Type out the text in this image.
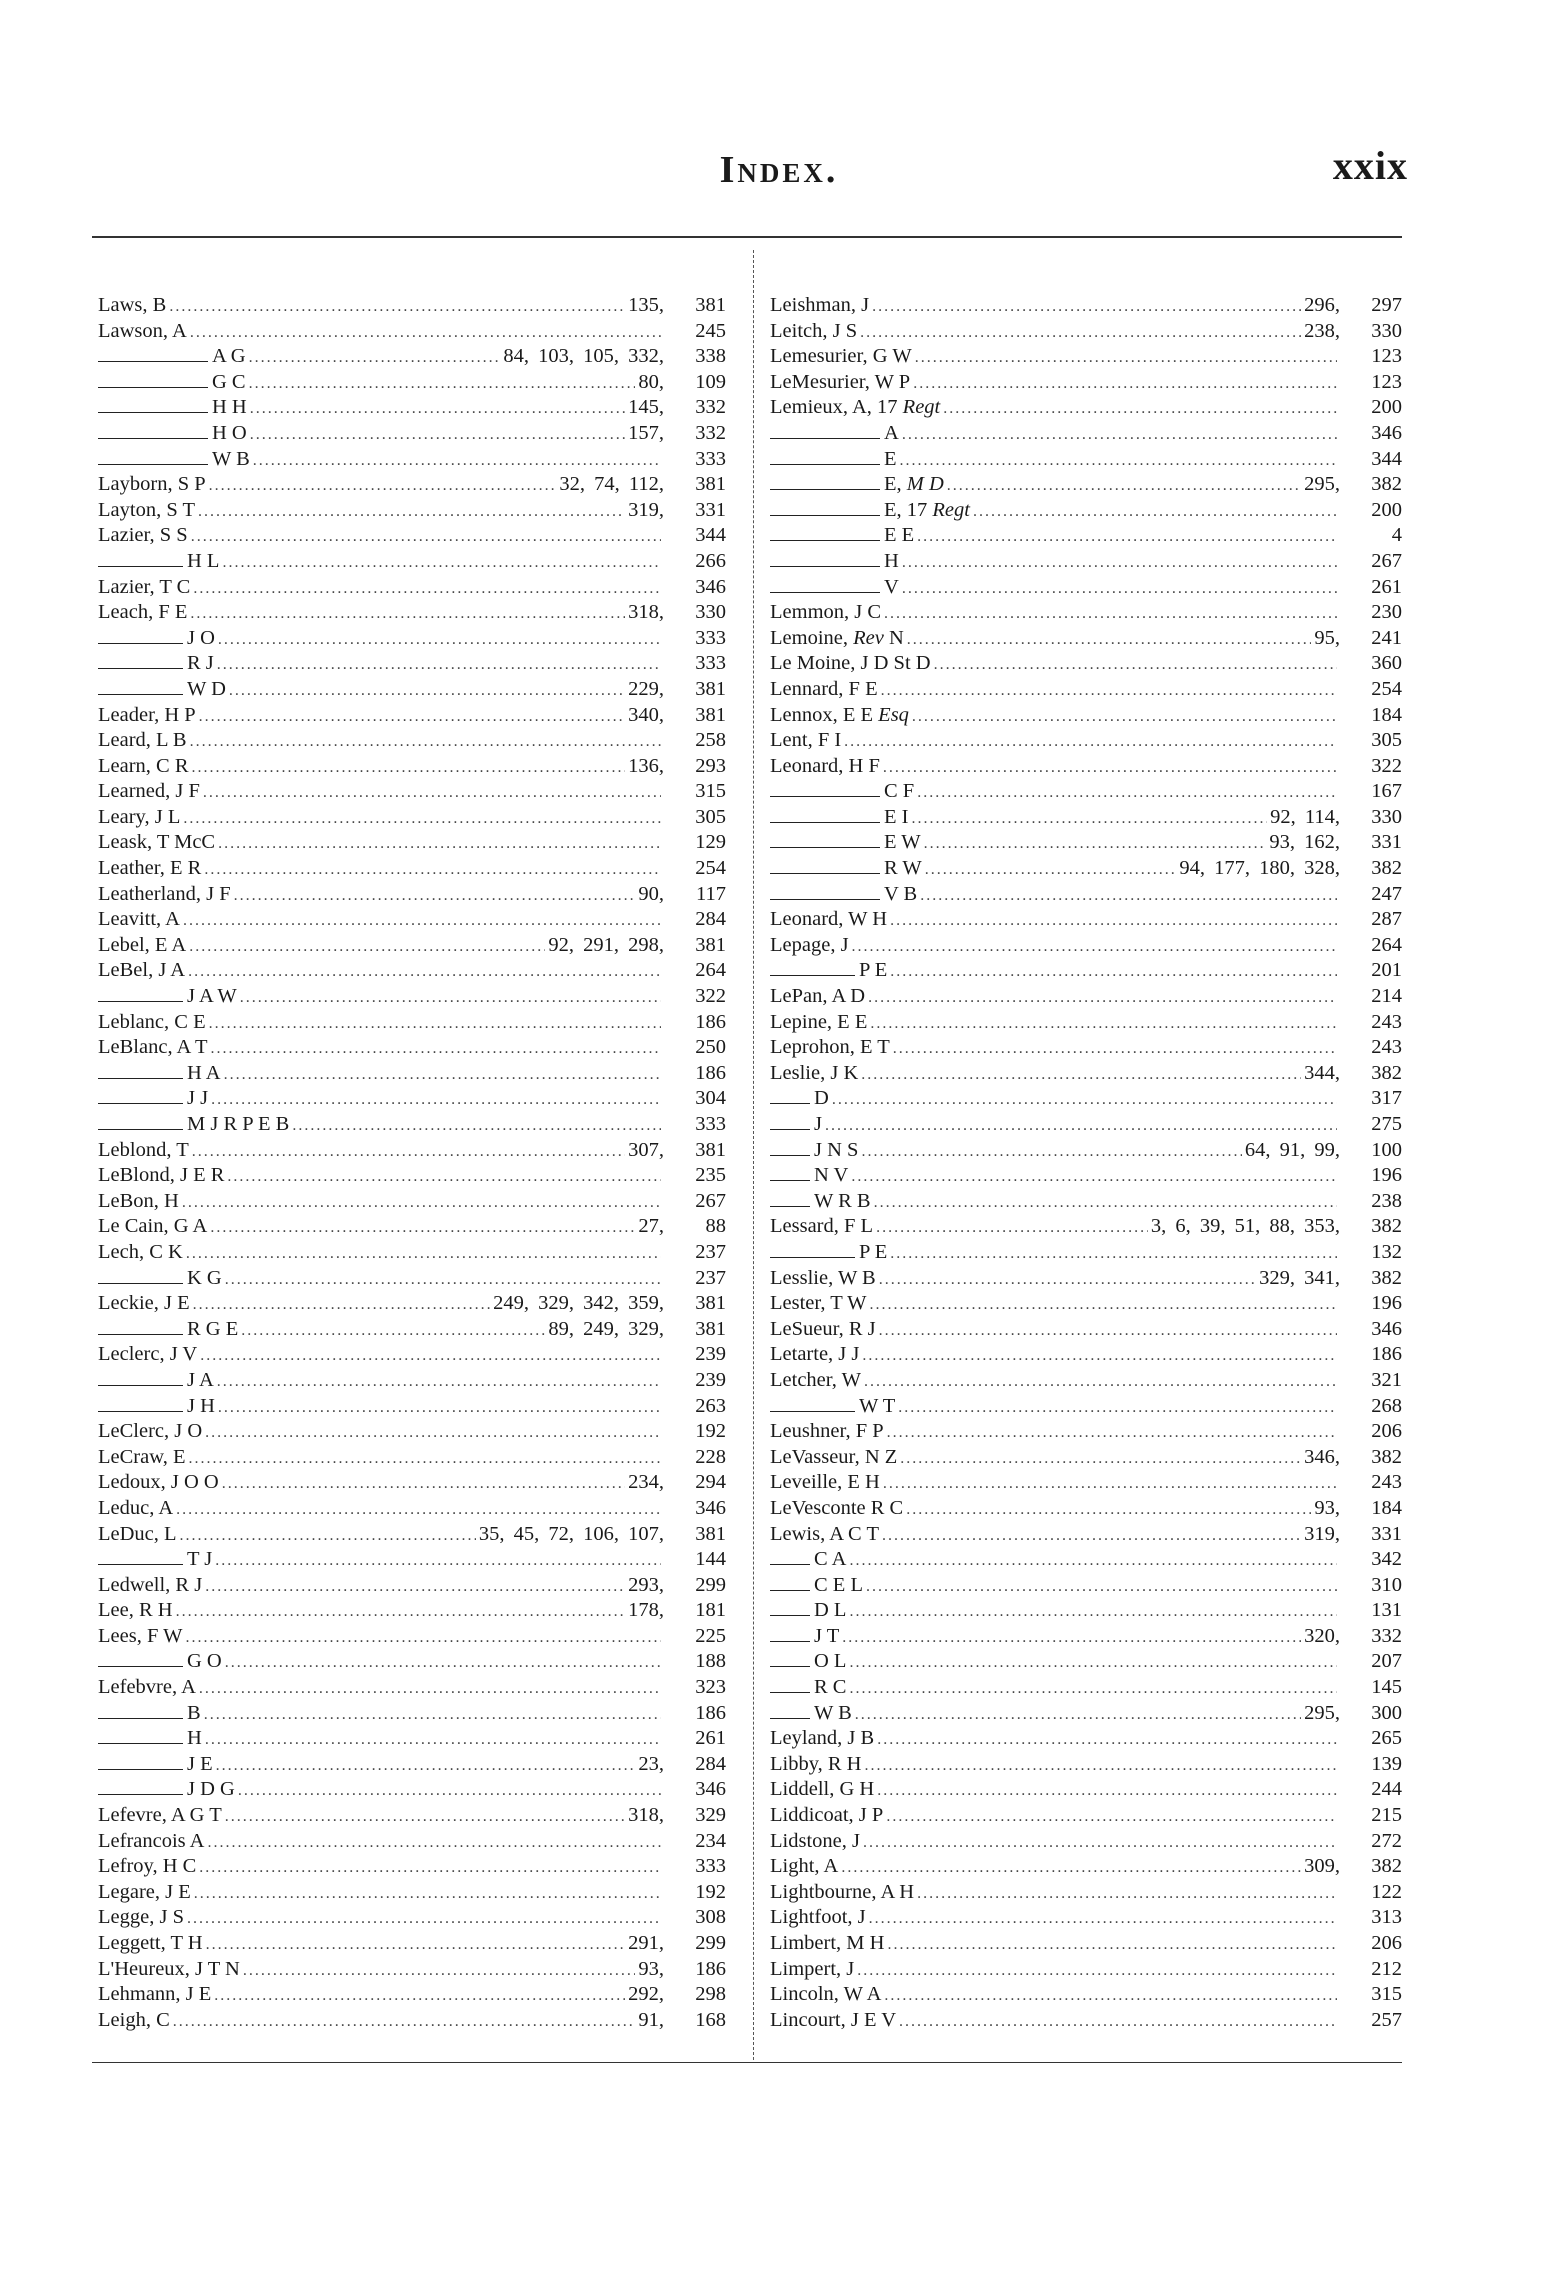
Index.	xxix
Laws, B .....	135,	381
Lawson, A .....	245
A G .....	84, 103, 105, 332,	338
G C .....	80,	109
H H .....	145,	332
H O .....	157,	332
W B .....	333
Layborn, S P .....	32, 74, 112,	381
Layton, S T .....	319,	331
Lazier, S S .....	344
H L .....	266
Lazier, T C .....	346
Leach, F E .....	318,	330
J O .....	333
R J .....	333
W D .....	229,	381
Leader, H P .....	340,	381
Leard, L B .....	258
Learn, C R .....	136,	293
Learned, J F .....	315
Leary, J L .....	305
Leask, T McC .....	129
Leather, E R .....	254
Leatherland, J F .....	90,	117
Leavitt, A .....	284
Lebel, E A .....	92, 291, 298,	381
LeBel, J A .....	264
J A W .....	322
Leblanc, C E .....	186
LeBlanc, A T .....	250
H A .....	186
J J .....	304
M J R P E B .....	333
Leblond, T .....	307,	381
LeBlond, J E R .....	235
LeBon, H .....	267
Le Cain, G A .....	27,	88
Lech, C K .....	237
K G .....	237
Leckie, J E .....	249, 329, 342, 359,	381
R G E .....	89, 249, 329,	381
Leclerc, J V .....	239
J A .....	239
J H .....	263
LeClerc, J O .....	192
LeCraw, E .....	228
Ledoux, J O O .....	234,	294
Leduc, A .....	346
LeDuc, L .....	35, 45, 72, 106, 107,	381
T J .....	144
Ledwell, R J .....	293,	299
Lee, R H .....	178,	181
Lees, F W .....	225
G O .....	188
Lefebvre, A .....	323
B .....	186
H .....	261
J E .....	23,	284
J D G .....	346
Lefevre, A G T .....	318,	329
Lefrancois A .....	234
Lefroy, H C .....	333
Legare, J E .....	192
Legge, J S .....	308
Leggett, T H .....	291,	299
L'Heureux, J T N .....	93,	186
Lehmann, J E .....	292,	298
Leigh, C .....	91,	168
Leishman, J .....	296,	297
Leitch, J S .....	238,	330
Lemesurier, G W .....	123
LeMesurier, W P .....	123
Lemieux, A, 17 Regt .....	200
A .....	346
E .....	344
E, M D .....	295,	382
E, 17 Regt .....	200
E E .....	4
H .....	267
V .....	261
Lemmon, J C .....	230
Lemoine, Rev N .....	95,	241
Le Moine, J D St D .....	360
Lennard, F E .....	254
Lennox, E E Esq .....	184
Lent, F I .....	305
Leonard, H F .....	322
C F .....	167
E I .....	92, 114,	330
E W .....	93, 162,	331
R W .....	94, 177, 180, 328,	382
V B .....	247
Leonard, W H .....	287
Lepage, J .....	264
P E .....	201
LePan, A D .....	214
Lepine, E E .....	243
Leprohon, E T .....	243
Leslie, J K .....	344,	382
D .....	317
J .....	275
J N S .....	64, 91, 99,	100
N V .....	196
W R B .....	238
Lessard, F L .....	3, 6, 39, 51, 88, 353,	382
P E .....	132
Lesslie, W B .....	329, 341,	382
Lester, T W .....	196
LeSueur, R J .....	346
Letarte, J J .....	186
Letcher, W .....	321
W T .....	268
Leushner, F P .....	206
LeVasseur, N Z .....	346,	382
Leveille, E H .....	243
LeVesconte R C .....	93,	184
Lewis, A C T .....	319,	331
C A .....	342
C E L .....	310
D L .....	131
J T .....	320,	332
O L .....	207
R C .....	145
W B .....	295,	300
Leyland, J B .....	265
Libby, R H .....	139
Liddell, G H .....	244
Liddicoat, J P .....	215
Lidstone, J .....	272
Light, A .....	309,	382
Lightbourne, A H .....	122
Lightfoot, J .....	313
Limbert, M H .....	206
Limpert, J .....	212
Lincoln, W A .....	315
Lincourt, J E V .....	257
